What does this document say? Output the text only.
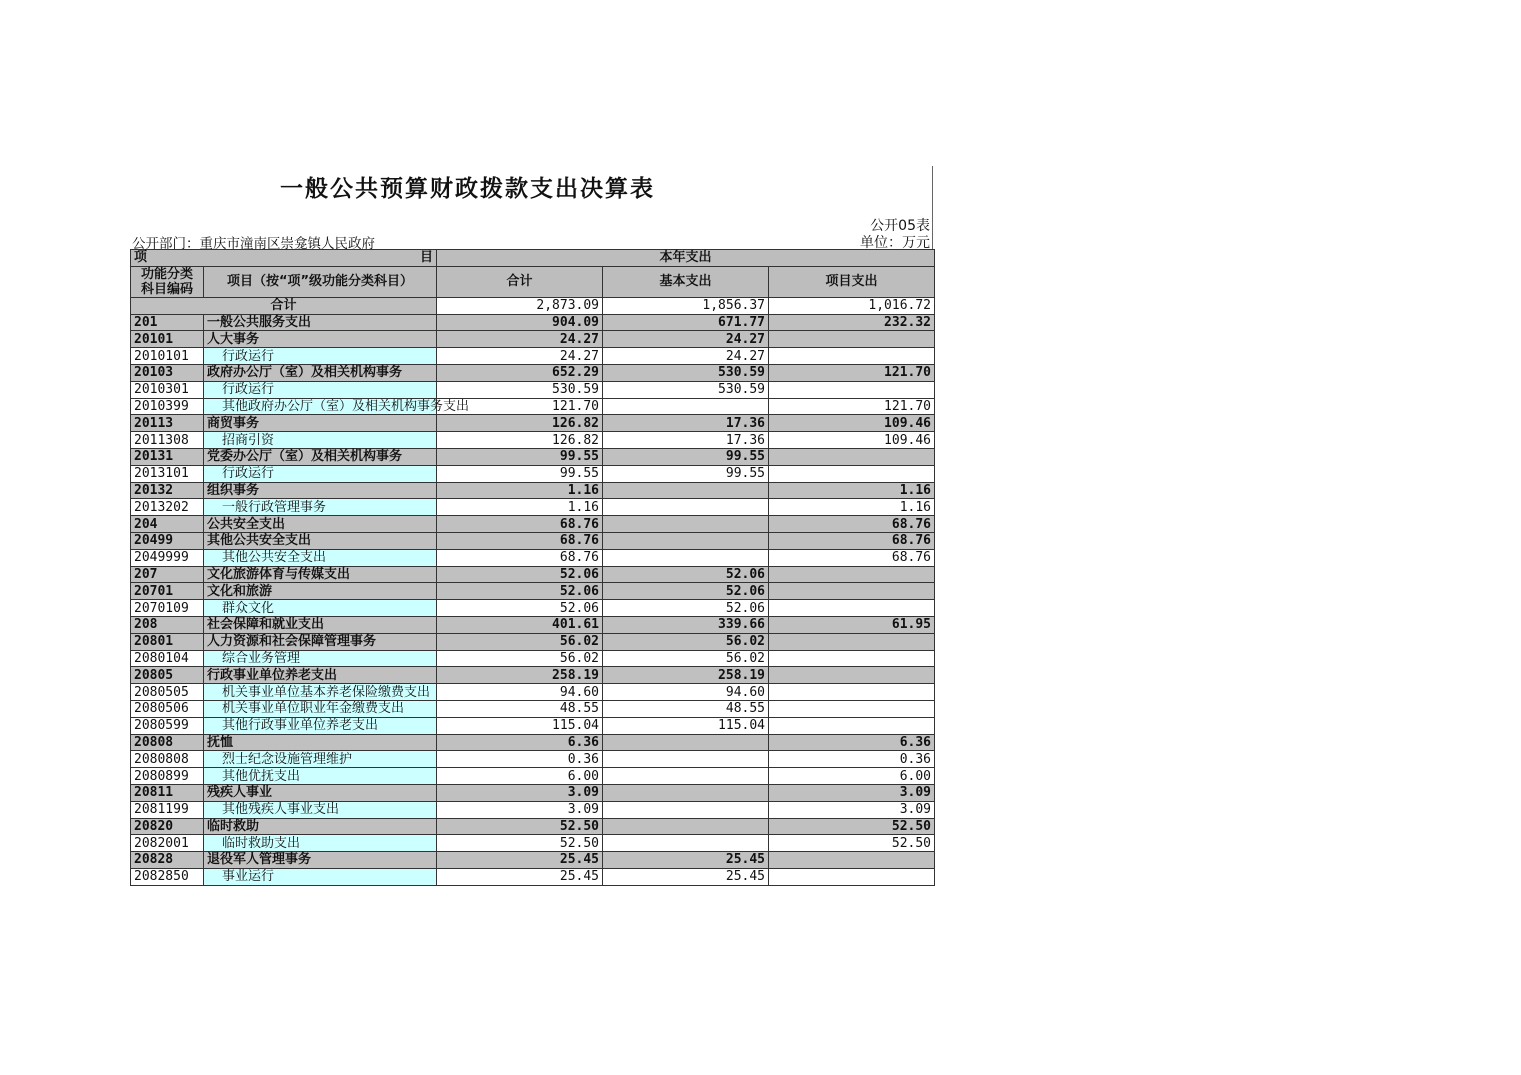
一般公共预算财政拨款支出决算表
公开05表
单位：万元
公开部门：重庆市潼南区崇龛镇人民政府
项 目		本年支出		
功能分类科目编码	项目（按“项”级功能分类科目）	合计	基本支出	项目支出
合计		2,873.09	1,856.37	1,016.72
201	一般公共服务支出	904.09	671.77	232.32
20101	人大事务	24.27	24.27	
2010101	行政运行	24.27	24.27	
20103	政府办公厅（室）及相关机构事务	652.29	530.59	121.70
2010301	行政运行	530.59	530.59	
2010399	其他政府办公厅（室）及相关机构事务支出	121.70		121.70
20113	商贸事务	126.82	17.36	109.46
2011308	招商引资	126.82	17.36	109.46
20131	党委办公厅（室）及相关机构事务	99.55	99.55	
2013101	行政运行	99.55	99.55	
20132	组织事务	1.16		1.16
2013202	一般行政管理事务	1.16		1.16
204	公共安全支出	68.76		68.76
20499	其他公共安全支出	68.76		68.76
2049999	其他公共安全支出	68.76		68.76
207	文化旅游体育与传媒支出	52.06	52.06	
20701	文化和旅游	52.06	52.06	
2070109	群众文化	52.06	52.06	
208	社会保障和就业支出	401.61	339.66	61.95
20801	人力资源和社会保障管理事务	56.02	56.02	
2080104	综合业务管理	56.02	56.02	
20805	行政事业单位养老支出	258.19	258.19	
2080505	机关事业单位基本养老保险缴费支出	94.60	94.60	
2080506	机关事业单位职业年金缴费支出	48.55	48.55	
2080599	其他行政事业单位养老支出	115.04	115.04	
20808	抚恤	6.36		6.36
2080808	烈士纪念设施管理维护	0.36		0.36
2080899	其他优抚支出	6.00		6.00
20811	残疾人事业	3.09		3.09
2081199	其他残疾人事业支出	3.09		3.09
20820	临时救助	52.50		52.50
2082001	临时救助支出	52.50		52.50
20828	退役军人管理事务	25.45	25.45	
2082850	事业运行	25.45	25.45	
